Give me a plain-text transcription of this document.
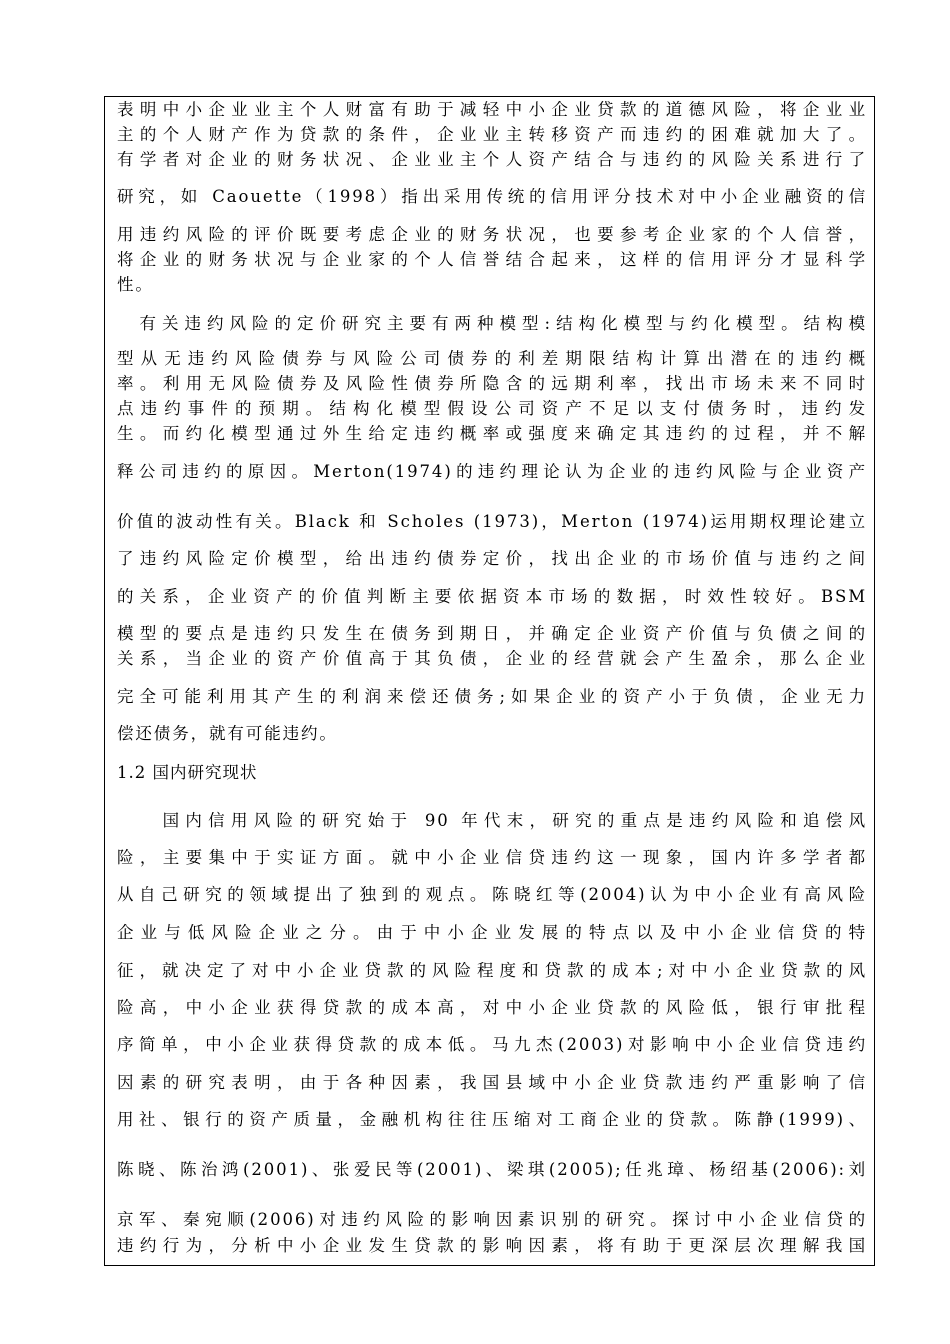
表明中小企业业主个人财富有助于减轻中小企业贷款的道德风险，将企业业
主的个人财产作为贷款的条件，企业业主转移资产而违约的困难就加大了。
有学者对企业的财务状况、企业业主个人资产结合与违约的风险关系进行了
研究，如 Caouette（1998）指出采用传统的信用评分技术对中小企业融资的信
用违约风险的评价既要考虑企业的财务状况，也要参考企业家的个人信誉，
将企业的财务状况与企业家的个人信誉结合起来，这样的信用评分才显科学
性。
　有关违约风险的定价研究主要有两种模型:结构化模型与约化模型。结构模
型从无违约风险债券与风险公司债券的利差期限结构计算出潜在的违约概
率。利用无风险债券及风险性债券所隐含的远期利率，找出市场未来不同时
点违约事件的预期。结构化模型假设公司资产不足以支付债务时，违约发
生。而约化模型通过外生给定违约概率或强度来确定其违约的过程，并不解
释公司违约的原因。Merton(1974)的违约理论认为企业的违约风险与企业资产
价值的波动性有关。Black 和 Scholes (1973)，Merton (1974)运用期权理论建立
了违约风险定价模型，给出违约债券定价，找出企业的市场价值与违约之间
的关系，企业资产的价值判断主要依据资本市场的数据，时效性较好。BSM
模型的要点是违约只发生在债务到期日，并确定企业资产价值与负债之间的
关系，当企业的资产价值高于其负债，企业的经营就会产生盈余，那么企业
完全可能利用其产生的利润来偿还债务;如果企业的资产小于负债，企业无力
偿还债务，就有可能违约。
1.2 国内研究现状
　　国内信用风险的研究始于 90 年代末，研究的重点是违约风险和追偿风
险，主要集中于实证方面。就中小企业信贷违约这一现象，国内许多学者都
从自己研究的领域提出了独到的观点。陈晓红等(2004)认为中小企业有高风险
企业与低风险企业之分。由于中小企业发展的特点以及中小企业信贷的特
征，就决定了对中小企业贷款的风险程度和贷款的成本;对中小企业贷款的风
险高，中小企业获得贷款的成本高，对中小企业贷款的风险低，银行审批程
序简单，中小企业获得贷款的成本低。马九杰(2003)对影响中小企业信贷违约
因素的研究表明，由于各种因素，我国县域中小企业贷款违约严重影响了信
用社、银行的资产质量，金融机构往往压缩对工商企业的贷款。陈静(1999)、
陈晓、陈治鸿(2001)、张爱民等(2001)、梁琪(2005);任兆璋、杨绍基(2006):刘
京军、秦宛顺(2006)对违约风险的影响因素识别的研究。探讨中小企业信贷的
违约行为，分析中小企业发生贷款的影响因素，将有助于更深层次理解我国
